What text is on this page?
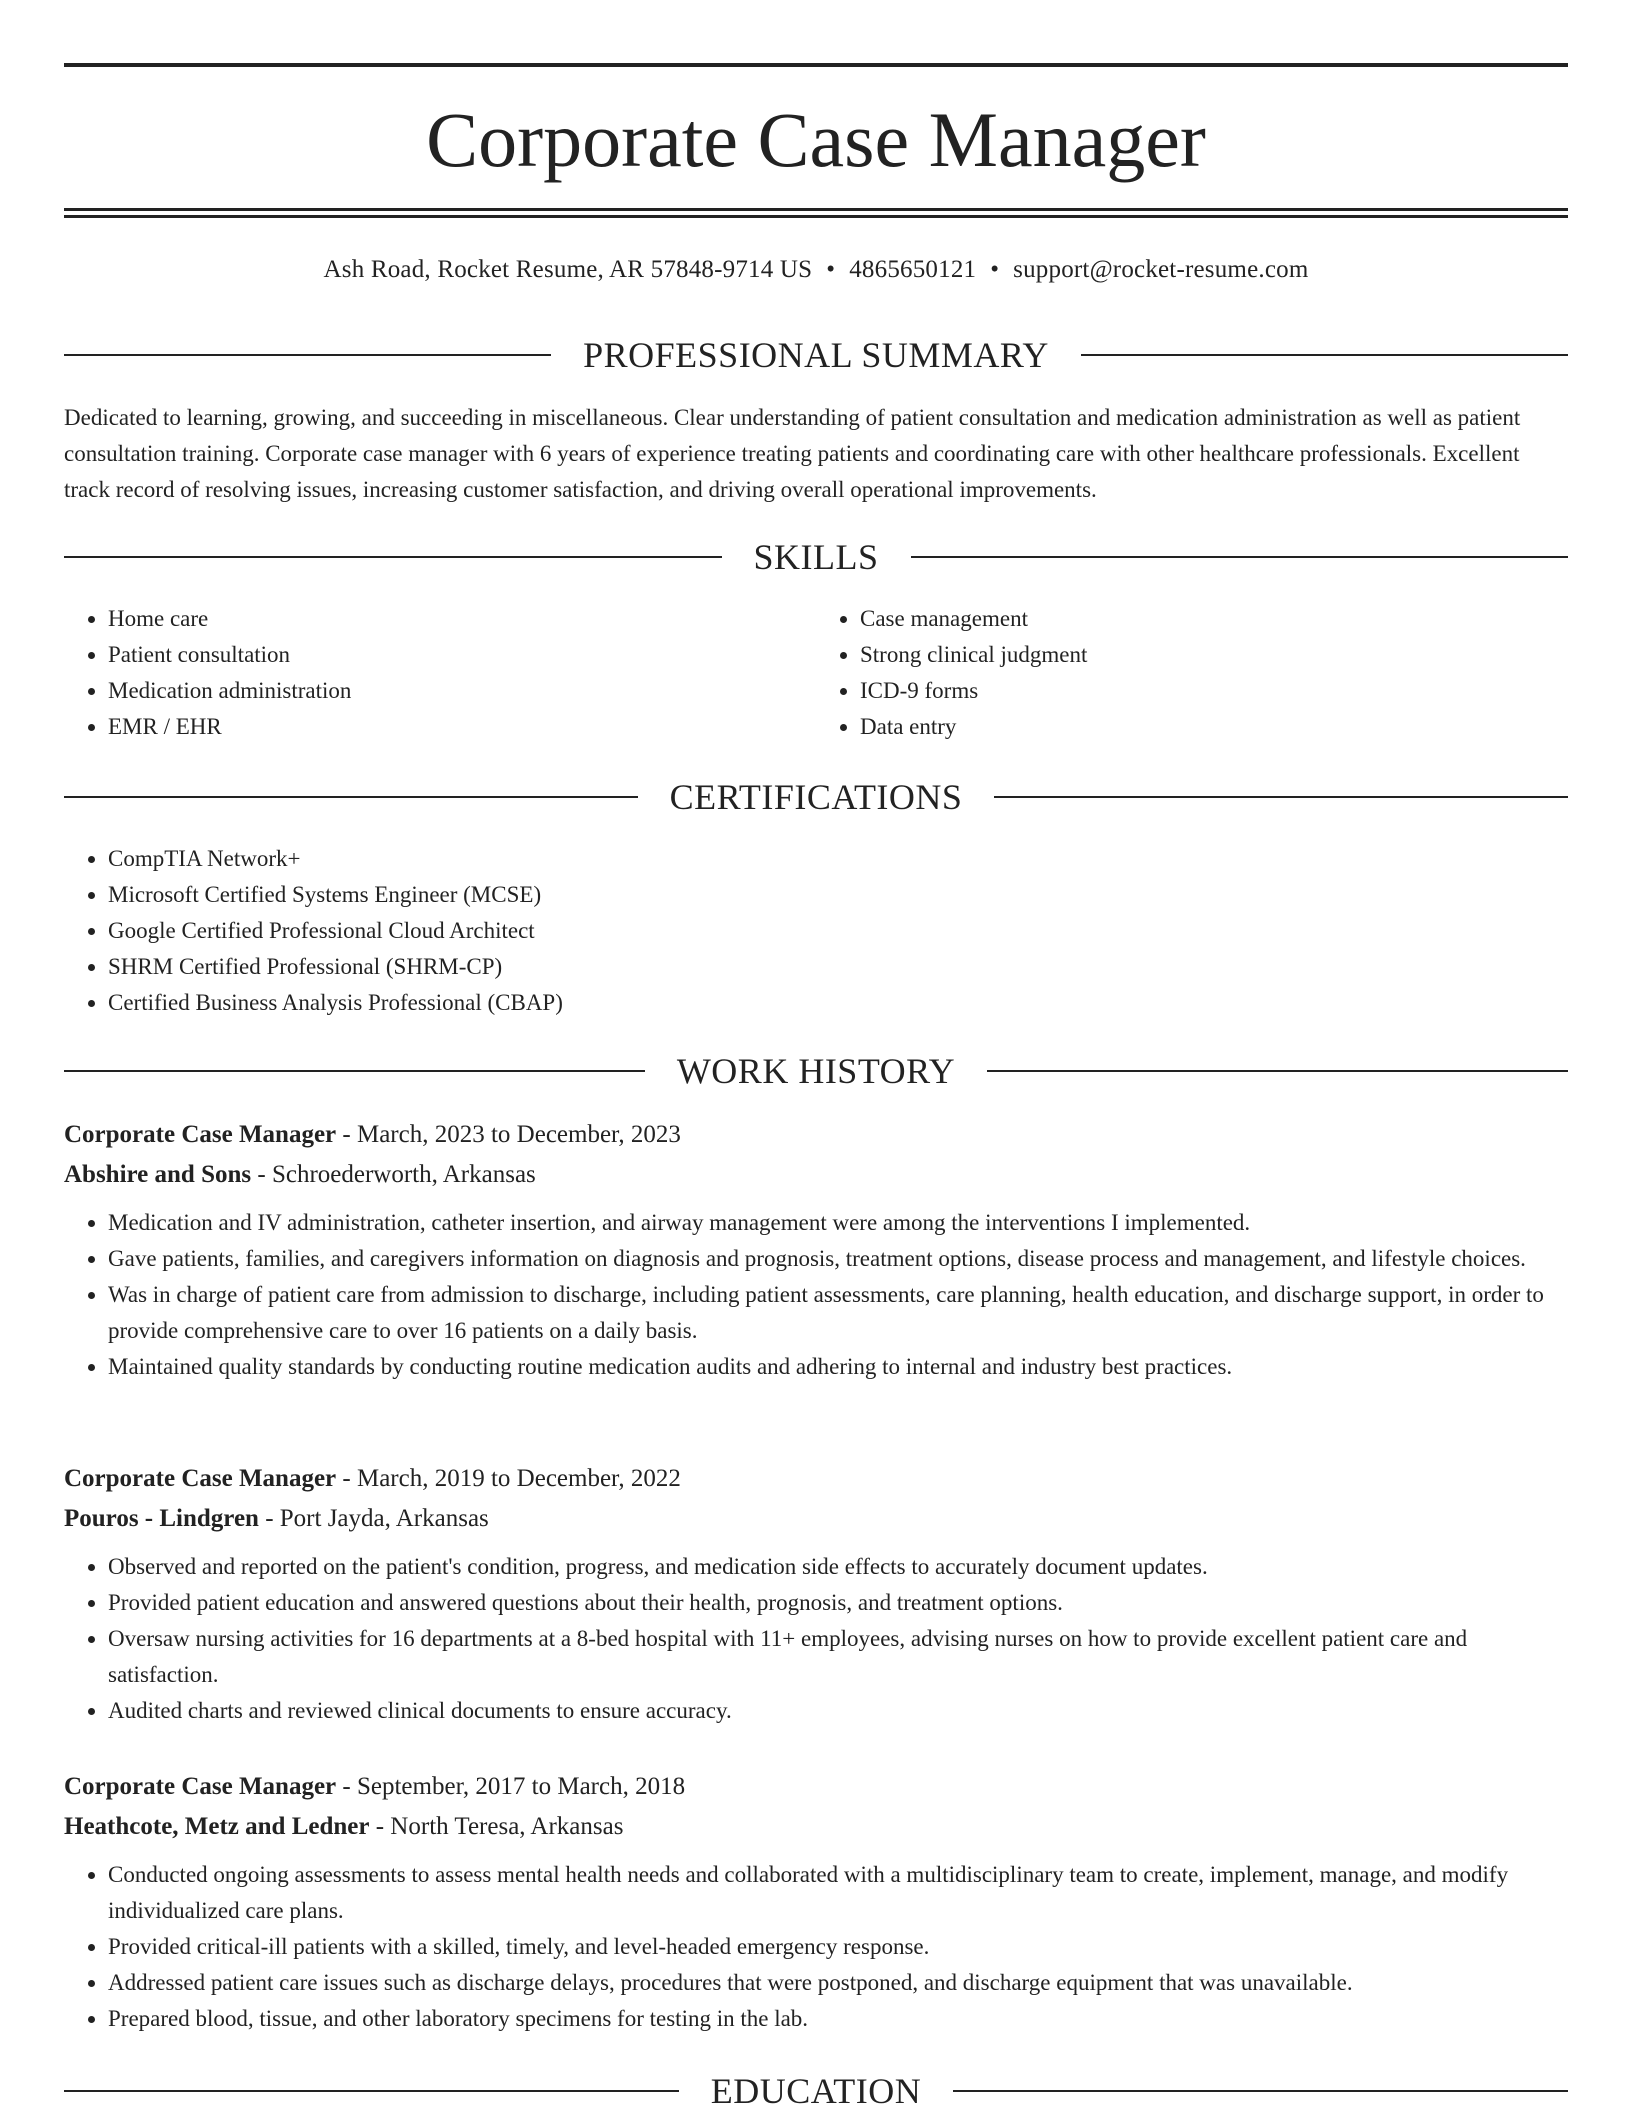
Corporate Case Manager
Ash Road, Rocket Resume, AR 57848-9714 US • 4865650121 • support@rocket-resume.com
PROFESSIONAL SUMMARY

Dedicated to learning, growing, and succeeding in miscellaneous. Clear understanding of patient consultation and medication administration as well as patient consultation training. Corporate case manager with 6 years of experience treating patients and coordinating care with other healthcare professionals. Excellent track record of resolving issues, increasing customer satisfaction, and driving overall operational improvements.

SKILLS
• Home care
• Patient consultation
• Medication administration
• EMR / EHR
• Case management
• Strong clinical judgment
• ICD-9 forms
• Data entry
CERTIFICATIONS
• CompTIA Network+
• Microsoft Certified Systems Engineer (MCSE)
• Google Certified Professional Cloud Architect
• SHRM Certified Professional (SHRM-CP)
• Certified Business Analysis Professional (CBAP)
WORK HISTORY
Corporate Case Manager - March, 2023 to December, 2023
Abshire and Sons - Schroederworth, Arkansas
• Medication and IV administration, catheter insertion, and airway management were among the interventions I implemented.
• Gave patients, families, and caregivers information on diagnosis and prognosis, treatment options, disease process and management, and lifestyle choices.
• Was in charge of patient care from admission to discharge, including patient assessments, care planning, health education, and discharge support, in order to provide comprehensive care to over 16 patients on a daily basis.
• Maintained quality standards by conducting routine medication audits and adhering to internal and industry best practices.
Corporate Case Manager - March, 2019 to December, 2022
Pouros - Lindgren - Port Jayda, Arkansas
• Observed and reported on the patient's condition, progress, and medication side effects to accurately document updates.
• Provided patient education and answered questions about their health, prognosis, and treatment options.
• Oversaw nursing activities for 16 departments at a 8-bed hospital with 11+ employees, advising nurses on how to provide excellent patient care and satisfaction.
• Audited charts and reviewed clinical documents to ensure accuracy.
Corporate Case Manager - September, 2017 to March, 2018
Heathcote, Metz and Ledner - North Teresa, Arkansas
• Conducted ongoing assessments to assess mental health needs and collaborated with a multidisciplinary team to create, implement, manage, and modify individualized care plans.
• Provided critical-ill patients with a skilled, timely, and level-headed emergency response.
• Addressed patient care issues such as discharge delays, procedures that were postponed, and discharge equipment that was unavailable.
• Prepared blood, tissue, and other laboratory specimens for testing in the lab.
EDUCATION
